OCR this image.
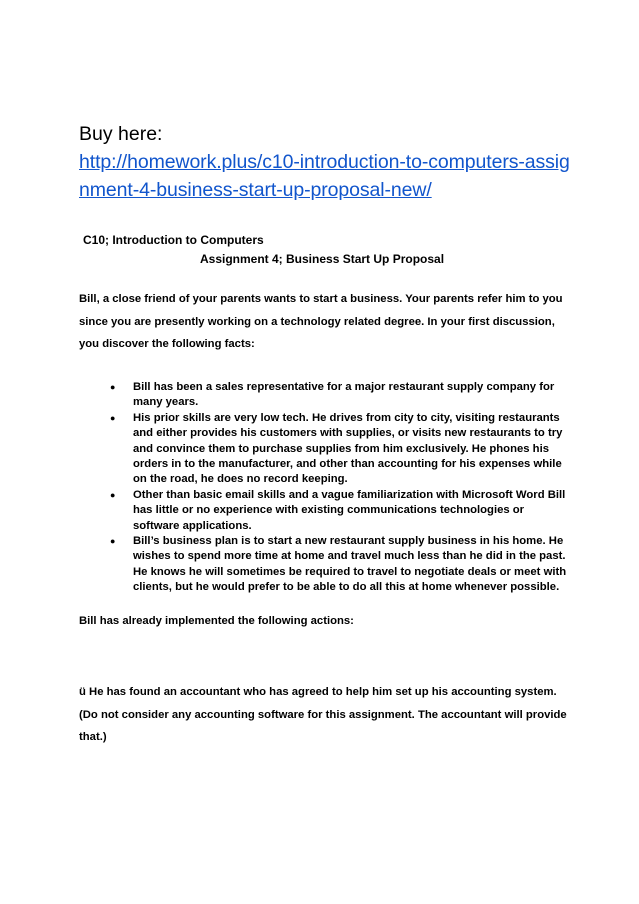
Buy here:
http://homework.plus/c10-introduction-to-computers-assignment-4-business-start-up-proposal-new/
C10; Introduction to Computers
Assignment 4; Business Start Up Proposal
Bill, a close friend of your parents wants to start a business. Your parents refer him to you since you are presently working on a technology related degree. In your first discussion, you discover the following facts:
● Bill has been a sales representative for a major restaurant supply company for many years.
● His prior skills are very low tech. He drives from city to city, visiting restaurants and either provides his customers with supplies, or visits new restaurants to try and convince them to purchase supplies from him exclusively. He phones his orders in to the manufacturer, and other than accounting for his expenses while on the road, he does no record keeping.
● Other than basic email skills and a vague familiarization with Microsoft Word Bill has little or no experience with existing communications technologies or software applications.
● Bill’s business plan is to start a new restaurant supply business in his home. He wishes to spend more time at home and travel much less than he did in the past. He knows he will sometimes be required to travel to negotiate deals or meet with clients, but he would prefer to be able to do all this at home whenever possible.
Bill has already implemented the following actions:
ü He has found an accountant who has agreed to help him set up his accounting system. (Do not consider any accounting software for this assignment. The accountant will provide that.)
